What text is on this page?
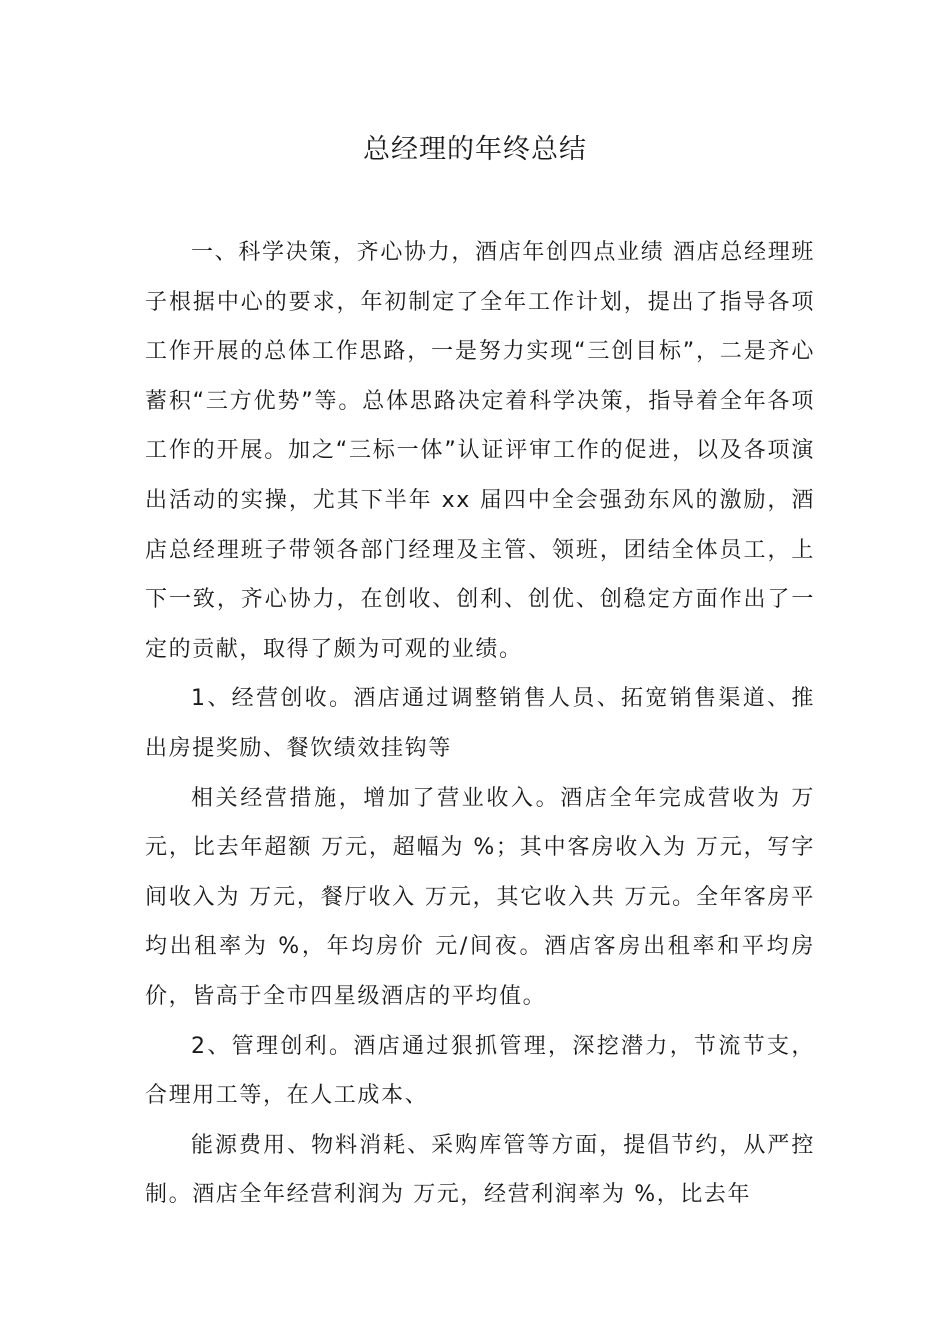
总经理的年终总结

一、科学决策，齐心协力，酒店年创四点业绩 酒店总经理班子根据中心的要求，年初制定了全年工作计划，提出了指导各项工作开展的总体工作思路，一是努力实现“三创目标”，二是齐心蓄积“三方优势”等。总体思路决定着科学决策，指导着全年各项工作的开展。加之“三标一体”认证评审工作的促进，以及各项演出活动的实操，尤其下半年 xx 届四中全会强劲东风的激励，酒店总经理班子带领各部门经理及主管、领班，团结全体员工，上下一致，齐心协力，在创收、创利、创优、创稳定方面作出了一定的贡献，取得了颇为可观的业绩。

1、经营创收。酒店通过调整销售人员、拓宽销售渠道、推出房提奖励、餐饮绩效挂钩等

相关经营措施，增加了营业收入。酒店全年完成营收为 万元，比去年超额 万元，超幅为 %；其中客房收入为 万元，写字间收入为 万元，餐厅收入 万元，其它收入共 万元。全年客房平均出租率为 %，年均房价 元/间夜。酒店客房出租率和平均房价，皆高于全市四星级酒店的平均值。

2、管理创利。酒店通过狠抓管理，深挖潜力，节流节支，合理用工等，在人工成本、

能源费用、物料消耗、采购库管等方面，提倡节约，从严控制。酒店全年经营利润为 万元，经营利润率为 %，比去年
